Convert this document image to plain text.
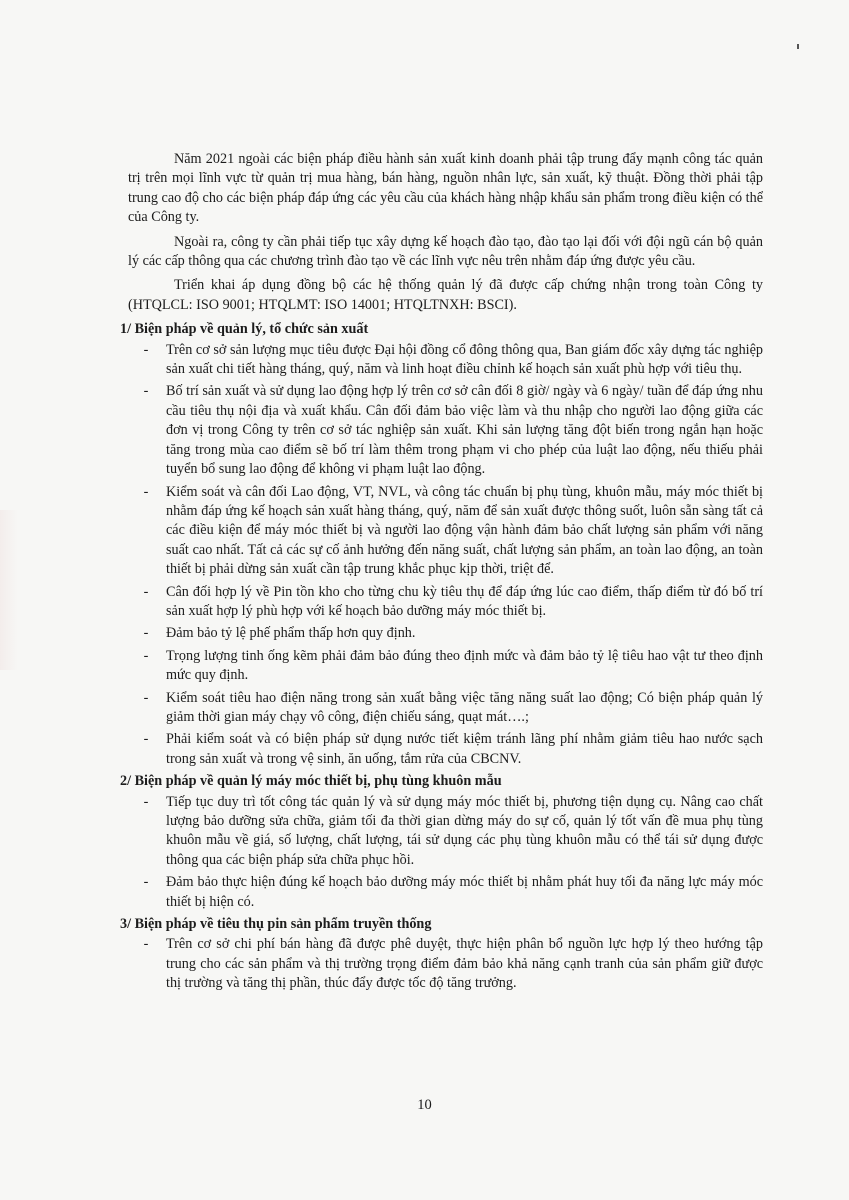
Năm 2021 ngoài các biện pháp điều hành sản xuất kinh doanh phải tập trung đẩy mạnh công tác quản trị trên mọi lĩnh vực từ quản trị mua hàng, bán hàng, nguồn nhân lực, sản xuất, kỹ thuật. Đồng thời phải tập trung cao độ cho các biện pháp đáp ứng các yêu cầu của khách hàng nhập khẩu sản phẩm trong điều kiện có thể của Công ty.

Ngoài ra, công ty cần phải tiếp tục xây dựng kế hoạch đào tạo, đào tạo lại đối với đội ngũ cán bộ quản lý các cấp thông qua các chương trình đào tạo về các lĩnh vực nêu trên nhằm đáp ứng được yêu cầu.

Triển khai áp dụng đồng bộ các hệ thống quản lý đã được cấp chứng nhận trong toàn Công ty (HTQLCL: ISO 9001; HTQLMT: ISO 14001; HTQLTNXH: BSCI).

1/ Biện pháp về quản lý, tổ chức sản xuất
- Trên cơ sở sản lượng mục tiêu được Đại hội đồng cổ đông thông qua, Ban giám đốc xây dựng tác nghiệp sản xuất chi tiết hàng tháng, quý, năm và linh hoạt điều chỉnh kế hoạch sản xuất phù hợp với tiêu thụ.
- Bố trí sản xuất và sử dụng lao động hợp lý trên cơ sở cân đối 8 giờ/ ngày và 6 ngày/ tuần để đáp ứng nhu cầu tiêu thụ nội địa và xuất khẩu. Cân đối đảm bảo việc làm và thu nhập cho người lao động giữa các đơn vị trong Công ty trên cơ sở tác nghiệp sản xuất. Khi sản lượng tăng đột biến trong ngắn hạn hoặc tăng trong mùa cao điểm sẽ bố trí làm thêm trong phạm vi cho phép của luật lao động, nếu thiếu phải tuyển bổ sung lao động để không vi phạm luật lao động.
- Kiểm soát và cân đối Lao động, VT, NVL, và công tác chuẩn bị phụ tùng, khuôn mẫu, máy móc thiết bị nhằm đáp ứng kế hoạch sản xuất hàng tháng, quý, năm để sản xuất được thông suốt, luôn sẵn sàng tất cả các điều kiện để máy móc thiết bị và người lao động vận hành đảm bảo chất lượng sản phẩm với năng suất cao nhất. Tất cả các sự cố ảnh hưởng đến năng suất, chất lượng sản phẩm, an toàn lao động, an toàn thiết bị phải dừng sản xuất cần tập trung khắc phục kịp thời, triệt để.
- Cân đối hợp lý về Pin tồn kho cho từng chu kỳ tiêu thụ để đáp ứng lúc cao điểm, thấp điểm từ đó bố trí sản xuất hợp lý phù hợp với kế hoạch bảo dưỡng máy móc thiết bị.
- Đảm bảo tỷ lệ phế phẩm thấp hơn quy định.
- Trọng lượng tinh ống kẽm phải đảm bảo đúng theo định mức và đảm bảo tỷ lệ tiêu hao vật tư theo định mức quy định.
- Kiểm soát tiêu hao điện năng trong sản xuất bằng việc tăng năng suất lao động; Có biện pháp quản lý giảm thời gian máy chạy vô công, điện chiếu sáng, quạt mát….;
- Phải kiểm soát và có biện pháp sử dụng nước tiết kiệm tránh lãng phí nhằm giảm tiêu hao nước sạch trong sản xuất và trong vệ sinh, ăn uống, tắm rửa của CBCNV.
2/ Biện pháp về quản lý máy móc thiết bị, phụ tùng khuôn mẫu
- Tiếp tục duy trì tốt công tác quản lý và sử dụng máy móc thiết bị, phương tiện dụng cụ. Nâng cao chất lượng bảo dưỡng sửa chữa, giảm tối đa thời gian dừng máy do sự cố, quản lý tốt vấn đề mua phụ tùng khuôn mẫu về giá, số lượng, chất lượng, tái sử dụng các phụ tùng khuôn mẫu có thể tái sử dụng được thông qua các biện pháp sửa chữa phục hồi.
- Đảm bảo thực hiện đúng kế hoạch bảo dưỡng máy móc thiết bị nhằm phát huy tối đa năng lực máy móc thiết bị hiện có.
3/ Biện pháp về tiêu thụ pin sản phẩm truyền thống
- Trên cơ sở chi phí bán hàng đã được phê duyệt, thực hiện phân bổ nguồn lực hợp lý theo hướng tập trung cho các sản phẩm và thị trường trọng điểm đảm bảo khả năng cạnh tranh của sản phẩm giữ được thị trường và tăng thị phần, thúc đẩy được tốc độ tăng trưởng.
10
